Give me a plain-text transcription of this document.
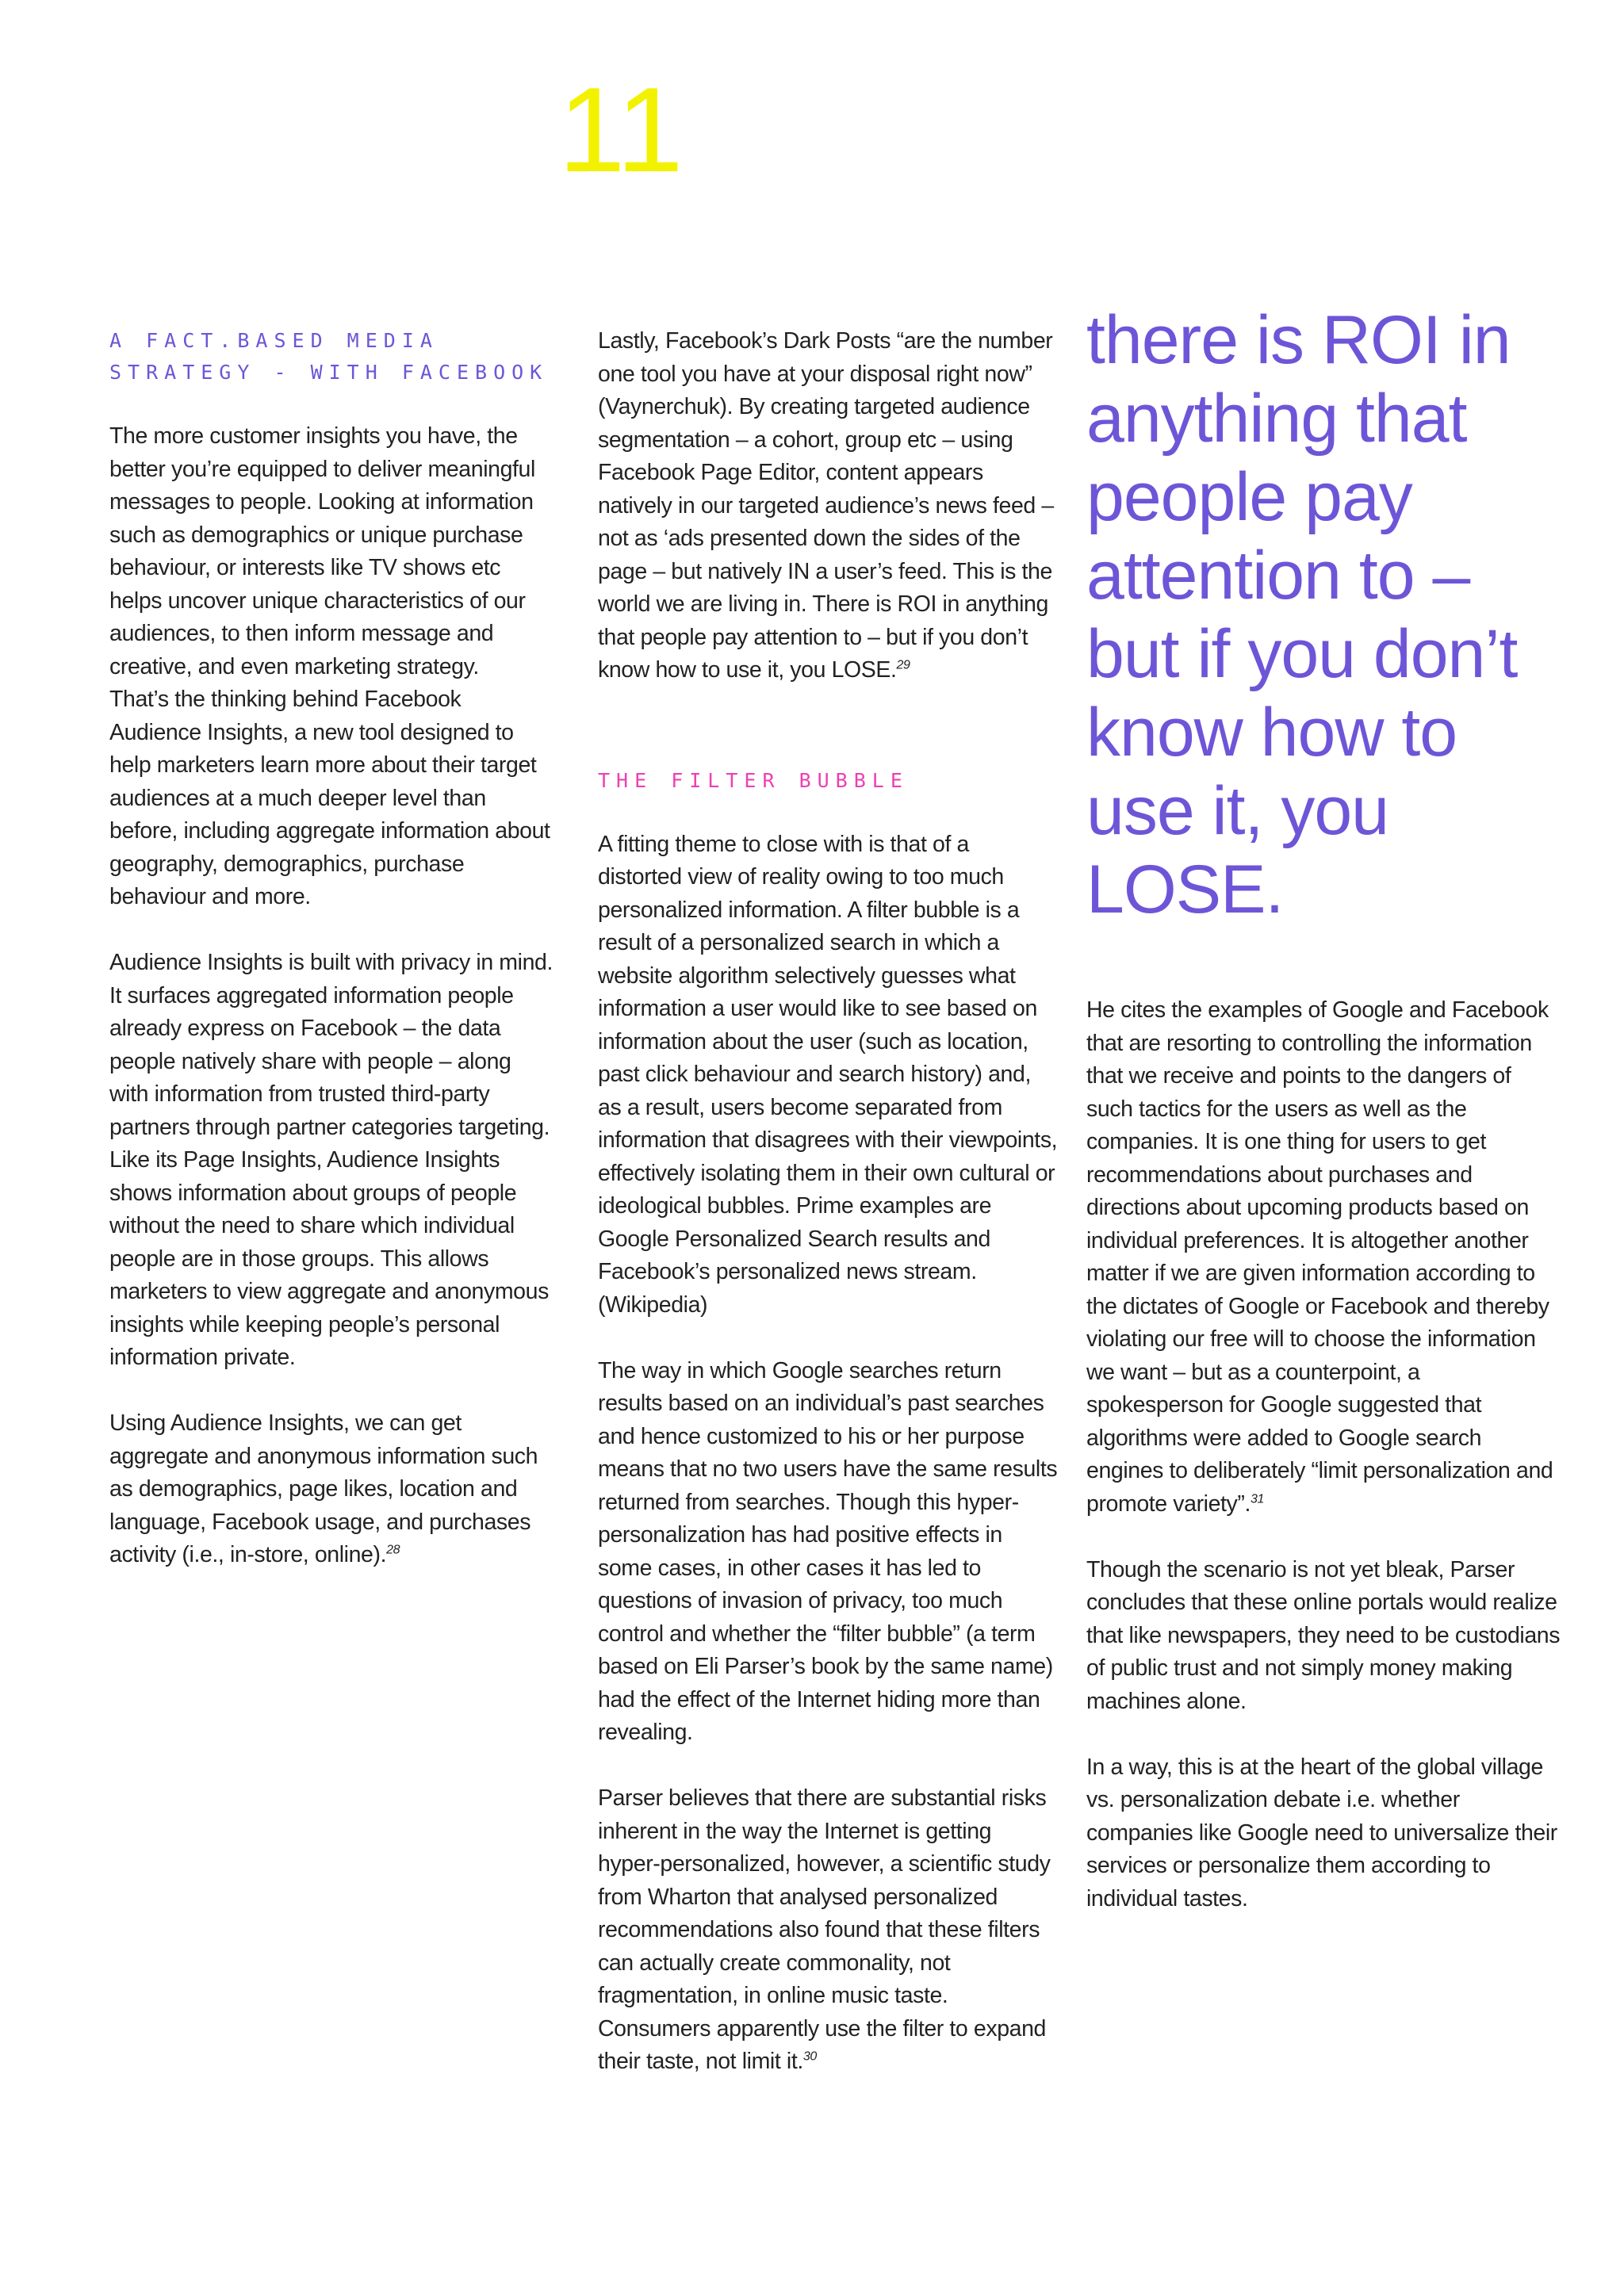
11
A FACT.BASED MEDIA STRATEGY - WITH FACEBOOK

The more customer insights you have, the better you’re equipped to deliver meaningful messages to people. Looking at information such as demographics or unique purchase behaviour, or interests like TV shows etc helps uncover unique characteristics of our audiences, to then inform message and creative, and even marketing strategy.

That’s the thinking behind Facebook Audience Insights, a new tool designed to help marketers learn more about their target audiences at a much deeper level than before, including aggregate information about geography, demographics, purchase behaviour and more.

Audience Insights is built with privacy in mind. It surfaces aggregated information people already express on Facebook – the data people natively share with people – along with information from trusted third-party partners through partner categories targeting. Like its Page Insights, Audience Insights shows information about groups of people without the need to share which individual people are in those groups. This allows marketers to view aggregate and anonymous insights while keeping people’s personal information private.

Using Audience Insights, we can get aggregate and anonymous information such as demographics, page likes, location and language, Facebook usage, and purchases activity (i.e., in-store, online).$^{28}$

Lastly, Facebook’s Dark Posts “are the number one tool you have at your disposal right now” (Vaynerchuk). By creating targeted audience segmentation – a cohort, group etc – using Facebook Page Editor, content appears natively in our targeted audience’s news feed – not as ‘ads presented down the sides of the page – but natively IN a user’s feed. This is the world we are living in. There is ROI in anything that people pay attention to – but if you don’t know how to use it, you LOSE.$^{29}$

THE FILTER BUBBLE

A fitting theme to close with is that of a distorted view of reality owing to too much personalized information. A filter bubble is a result of a personalized search in which a website algorithm selectively guesses what information a user would like to see based on information about the user (such as location, past click behaviour and search history) and, as a result, users become separated from information that disagrees with their viewpoints, effectively isolating them in their own cultural or ideological bubbles. Prime examples are Google Personalized Search results and Facebook’s personalized news stream. (Wikipedia)

The way in which Google searches return results based on an individual’s past searches and hence customized to his or her purpose means that no two users have the same results returned from searches. Though this hyper-personalization has had positive effects in some cases, in other cases it has led to questions of invasion of privacy, too much control and whether the “filter bubble” (a term based on Eli Parser’s book by the same name) had the effect of the Internet hiding more than revealing.

Parser believes that there are substantial risks inherent in the way the Internet is getting hyper-personalized, however, a scientific study from Wharton that analysed personalized recommendations also found that these filters can actually create commonality, not fragmentation, in online music taste. Consumers apparently use the filter to expand their taste, not limit it.$^{30}$

there is ROI in anything that people pay attention to – but if you don’t know how to use it, you LOSE.

He cites the examples of Google and Facebook that are resorting to controlling the information that we receive and points to the dangers of such tactics for the users as well as the companies. It is one thing for users to get recommendations about purchases and directions about upcoming products based on individual preferences. It is altogether another matter if we are given information according to the dictates of Google or Facebook and thereby violating our free will to choose the information we want – but as a counterpoint, a spokesperson for Google suggested that algorithms were added to Google search engines to deliberately “limit personalization and promote variety”.$^{31}$

Though the scenario is not yet bleak, Parser concludes that these online portals would realize that like newspapers, they need to be custodians of public trust and not simply money making machines alone.

In a way, this is at the heart of the global village vs. personalization debate i.e. whether companies like Google need to universalize their services or personalize them according to individual tastes.
